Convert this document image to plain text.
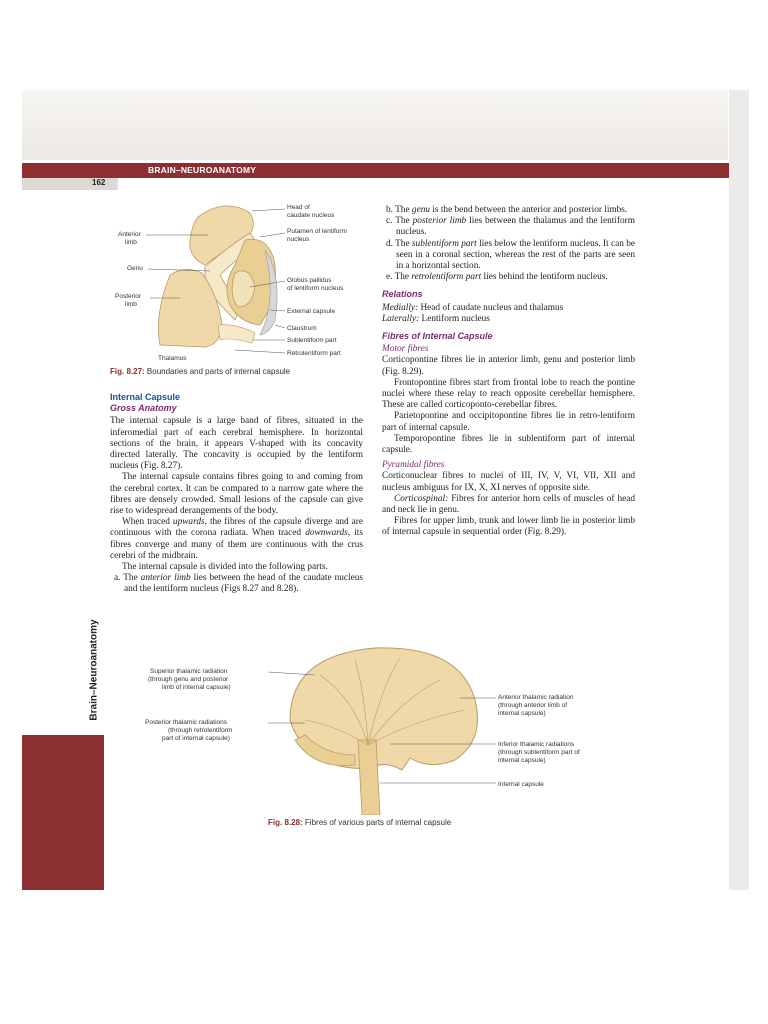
BRAIN–NEUROANATOMY
162
Brain–Neuroanatomy
Head of
caudate nucleus
Anterior
limb
Putamen of lentiform
nucleus
Genu
Globus pallidus
of lentiform nucleus
Posterior
limb
External capsule
Claustrum
Sublentiform part
Thalamus
Retrolentiform part
Fig. 8.27: Boundaries and parts of internal capsule
Internal Capsule
Gross Anatomy

The internal capsule is a large band of fibres, situated in the inferomedial part of each cerebral hemisphere. In horizontal sections of the brain, it appears V-shaped with its concavity directed laterally. The concavity is occupied by the lentiform nucleus (Fig. 8.27).

The internal capsule contains fibres going to and coming from the cerebral cortex. It can be compared to a narrow gate where the fibres are densely crowded. Small lesions of the capsule can give rise to widespread derangements of the body.

When traced upwards, the fibres of the capsule diverge and are continuous with the corona radiata. When traced downwards, its fibres converge and many of them are continuous with the crus cerebri of the midbrain.

The internal capsule is divided into the following parts.

a. The anterior limb lies between the head of the caudate nucleus and the lentiform nucleus (Figs 8.27 and 8.28).

b. The genu is the bend between the anterior and posterior limbs.

c. The posterior limb lies between the thalamus and the lentiform nucleus.

d. The sublentiform part lies below the lentiform nucleus. It can be seen in a coronal section, whereas the rest of the parts are seen in a horizontal section.

e. The retrolentiform part lies behind the lentiform nucleus.

Relations

Medially: Head of caudate nucleus and thalamus

Laterally: Lentiform nucleus

Fibres of Internal Capsule

Motor fibres

Corticopontine fibres lie in anterior limb, genu and posterior limb (Fig. 8.29).

Frontopontine fibres start from frontal lobe to reach the pontine nuclei where these relay to reach opposite cerebellar hemisphere. These are called corticoponto-cerebellar fibres.

Parietopontine and occipitopontine fibres lie in retro-lentiform part of internal capsule.

Temporopontine fibres lie in sublentiform part of internal capsule.

Pyramidal fibres

Corticonuclear fibres to nuclei of III, IV, V, VI, VII, XII and nucleus ambiguus for IX, X, XI nerves of opposite side.

Corticospinal: Fibres for anterior horn cells of muscles of head and neck lie in genu.

Fibres for upper limb, trunk and lower limb lie in posterior limb of internal capsule in sequential order (Fig. 8.29).

Superior thalamic radiation
(through genu and posterior
limb of internal capsule)
Posterior thalamic radiations
(through retrolentiform
part of internal capsule)
Anterior thalamic radiation
(through anterior limb of
internal capsule)
Inferior thalamic radiations
(through sublentiform part of
internal capsule)
Internal capsule
Fig. 8.28: Fibres of various parts of internal capsule
